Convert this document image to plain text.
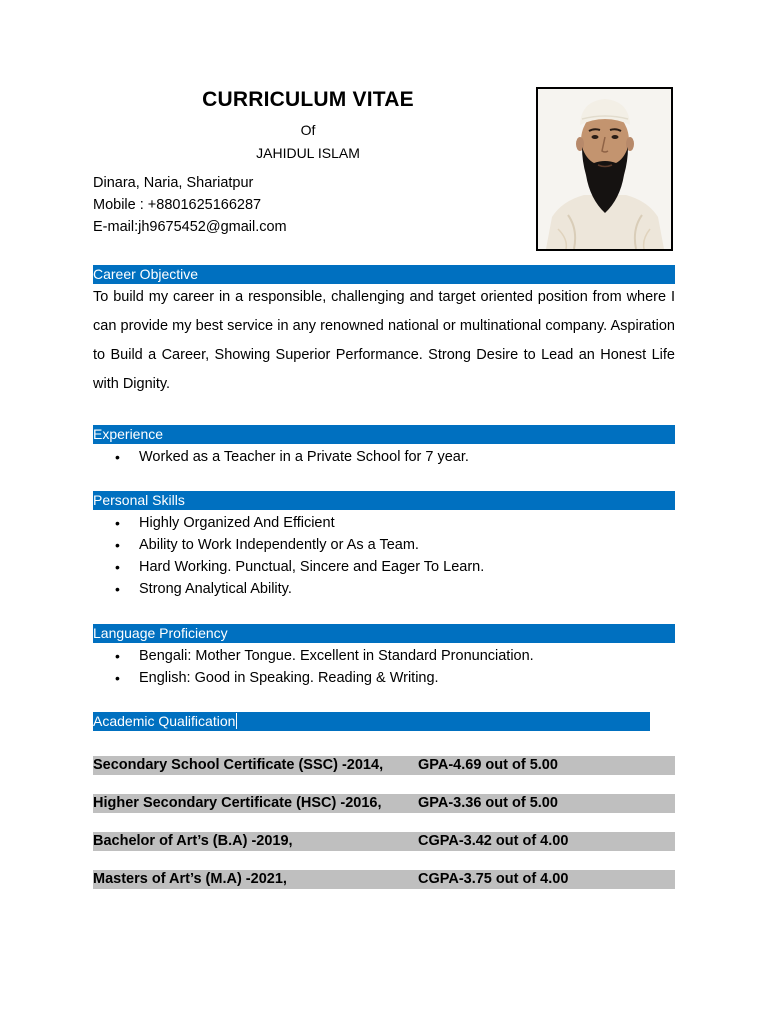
CURRICULUM VITAE
Of
JAHIDUL ISLAM
Dinara, Naria, Shariatpur
Mobile : +8801625166287
E-mail:jh9675452@gmail.com
Career Objective
To build my career in a responsible, challenging and target oriented position from where I can provide my best service in any renowned national or multinational company. Aspiration to Build a Career, Showing Superior Performance. Strong Desire to Lead an Honest Life with Dignity.
Experience
• Worked as a Teacher in a Private School for 7 year.
Personal Skills
• Highly Organized And Efficient
• Ability to Work Independently or As a Team.
• Hard Working. Punctual, Sincere and Eager To Learn.
• Strong Analytical Ability.
Language Proficiency
• Bengali: Mother Tongue. Excellent in Standard Pronunciation.
• English: Good in Speaking. Reading & Writing.
Academic Qualification
Secondary School Certificate (SSC) -2014, GPA-4.69 out of 5.00
Higher Secondary Certificate (HSC) -2016,	GPA-3.36 out of 5.00
Bachelor of Art’s (B.A) -2019,	CGPA-3.42 out of 4.00
Masters of Art’s (M.A) -2021,	CGPA-3.75 out of 4.00
